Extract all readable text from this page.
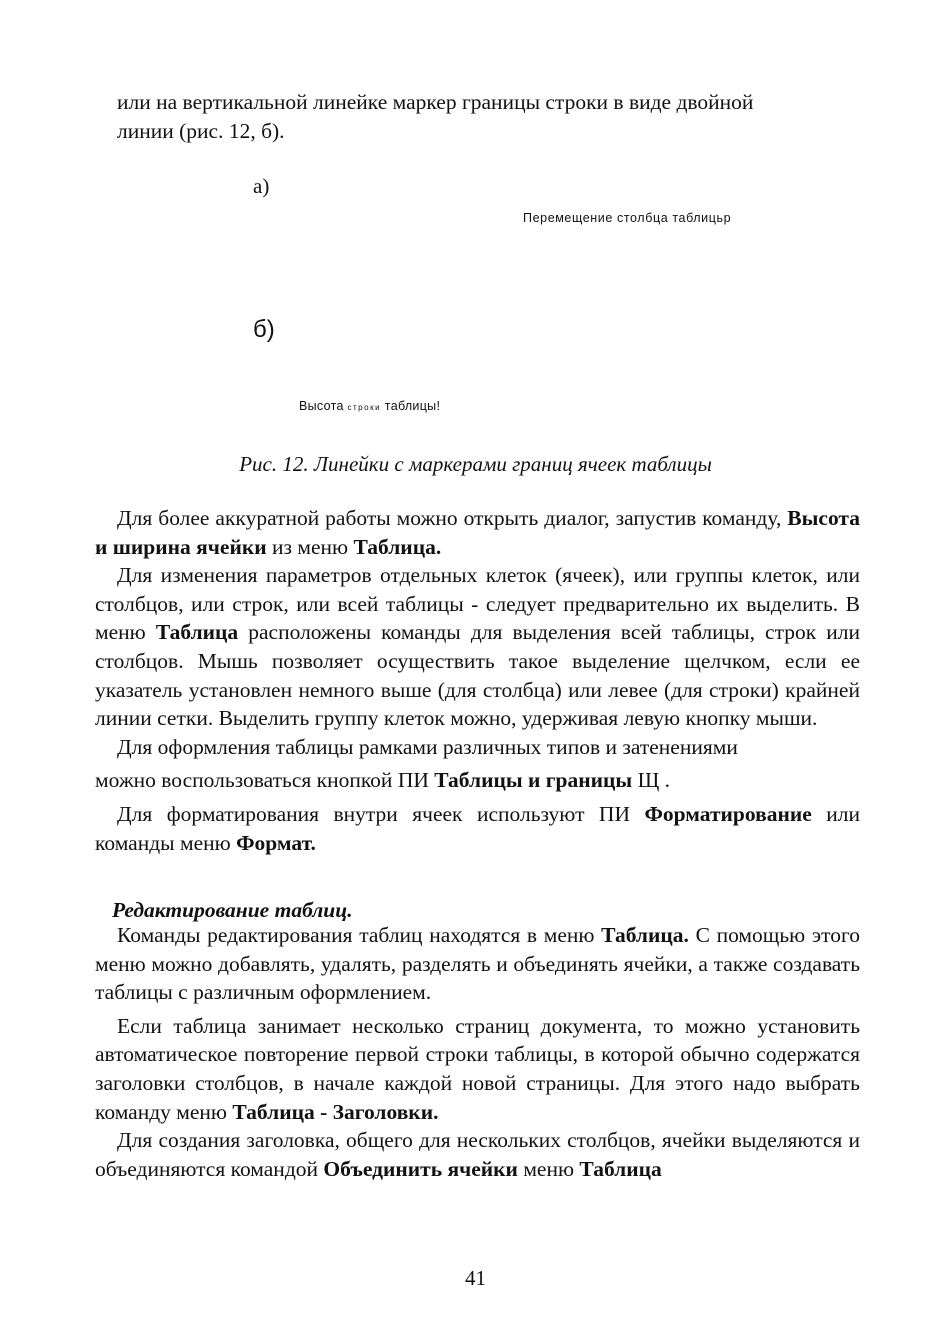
или на вертикальной линейке маркер границы строки в виде двойной

линии (рис. 12, б).

а)
Перемещение столбца таблицьр
б)
Высота строки таблицы!
Рис. 12. Линейки с маркерами границ ячеек таблицы

Для более аккуратной работы можно открыть диалог, запустив команду, Высота и ширина ячейки из меню Таблица.

Для изменения параметров отдельных клеток (ячеек), или группы клеток, или столбцов, или строк, или всей таблицы - следует предварительно их выделить. В меню Таблица расположены команды для выделения всей таблицы, строк или столбцов. Мышь позволяет осуществить такое выделение щелчком, если ее указатель установлен немного выше (для столбца) или левее (для строки) крайней линии сетки. Выделить группу клеток можно, удерживая левую кнопку мыши.

Для оформления таблицы рамками различных типов и затенениями

можно воспользоваться кнопкой ПИ Таблицы и границы Щ .

Для форматирования внутри ячеек используют ПИ Форматирование или команды меню Формат.

Редактирование таблиц.

Команды редактирования таблиц находятся в меню Таблица. С помощью этого меню можно добавлять, удалять, разделять и объединять ячейки, а также создавать таблицы с различным оформлением.

Если таблица занимает несколько страниц документа, то можно установить автоматическое повторение первой строки таблицы, в которой обычно содержатся заголовки столбцов, в начале каждой новой страницы. Для этого надо выбрать команду меню Таблица - Заголовки.

Для создания заголовка, общего для нескольких столбцов, ячейки выделяются и объединяются командой Объединить ячейки меню Таблица

41
